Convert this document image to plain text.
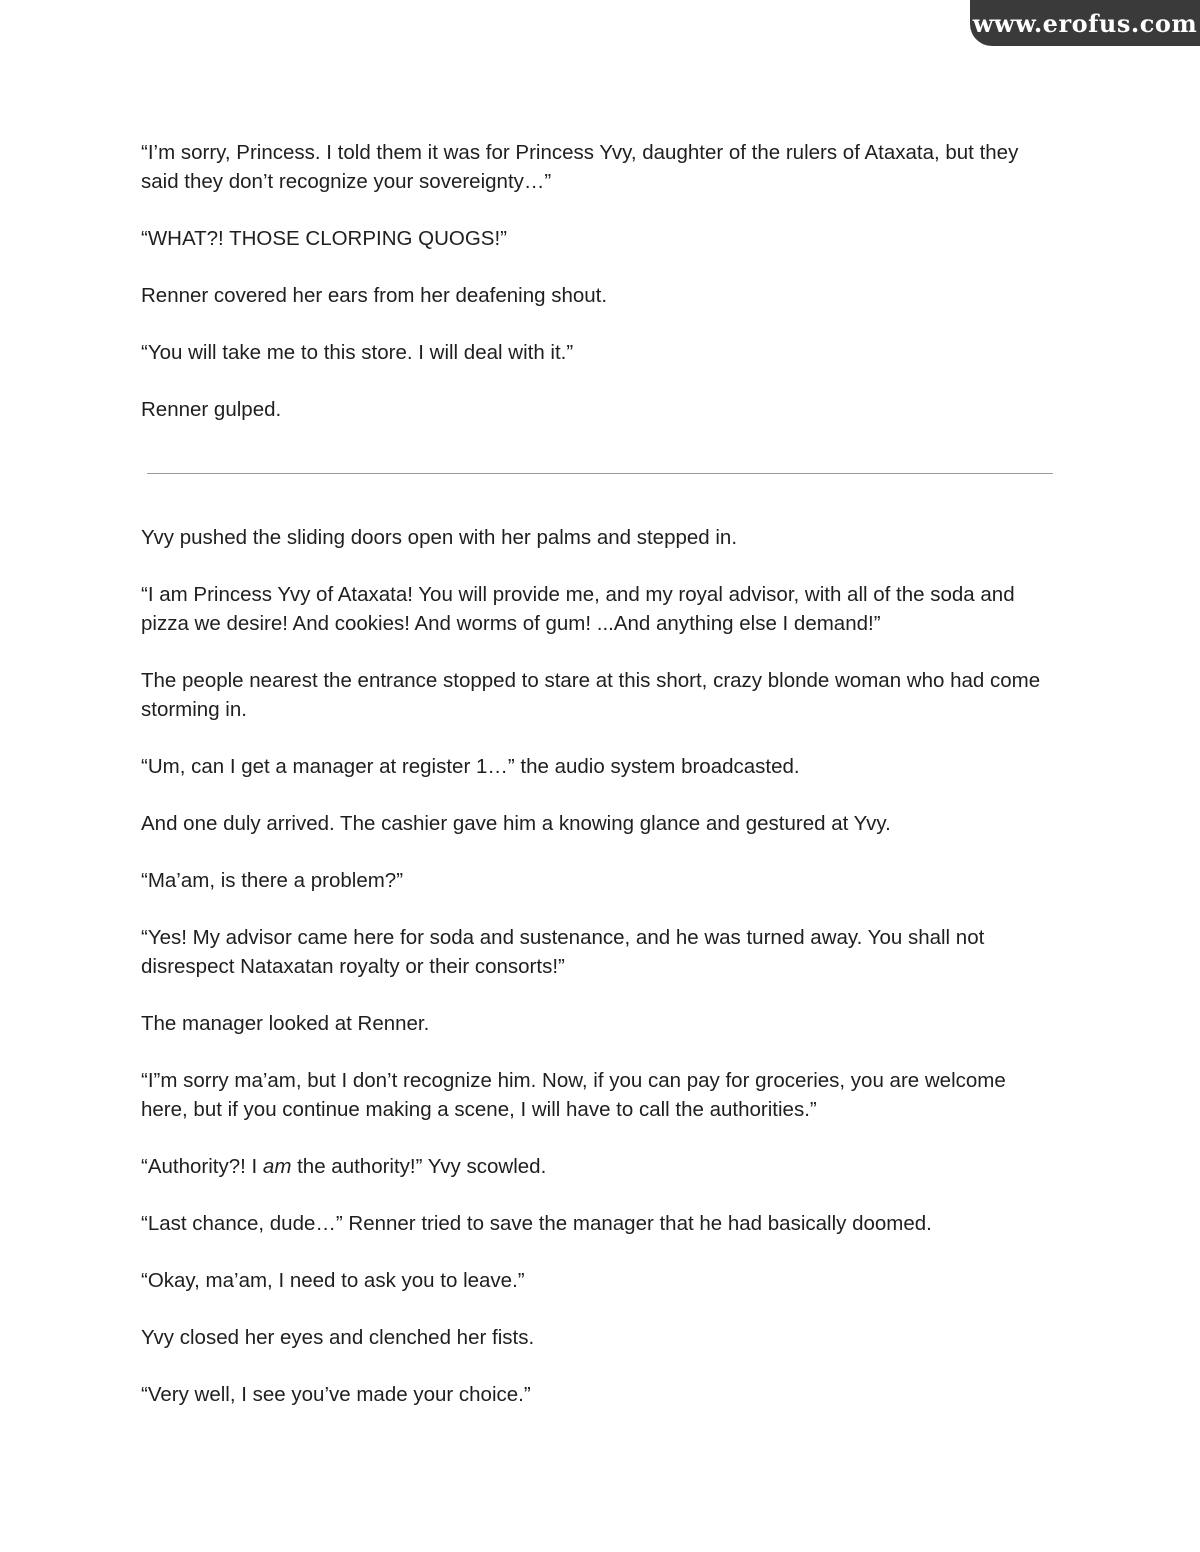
www.erofus.com

“I’m sorry, Princess. I told them it was for Princess Yvy, daughter of the rulers of Ataxata, but they said they don’t recognize your sovereignty…”

“WHAT?! THOSE CLORPING QUOGS!”

Renner covered her ears from her deafening shout.

“You will take me to this store. I will deal with it.”

Renner gulped.

Yvy pushed the sliding doors open with her palms and stepped in.

“I am Princess Yvy of Ataxata! You will provide me, and my royal advisor, with all of the soda and pizza we desire! And cookies! And worms of gum! ...And anything else I demand!”

The people nearest the entrance stopped to stare at this short, crazy blonde woman who had come storming in.

“Um, can I get a manager at register 1…” the audio system broadcasted.

And one duly arrived. The cashier gave him a knowing glance and gestured at Yvy.

“Ma’am, is there a problem?”

“Yes! My advisor came here for soda and sustenance, and he was turned away. You shall not disrespect Nataxatan royalty or their consorts!”

The manager looked at Renner.

“I”m sorry ma’am, but I don’t recognize him. Now, if you can pay for groceries, you are welcome here, but if you continue making a scene, I will have to call the authorities.”

“Authority?! I am the authority!” Yvy scowled.

“Last chance, dude…” Renner tried to save the manager that he had basically doomed.

“Okay, ma’am, I need to ask you to leave.”

Yvy closed her eyes and clenched her fists.

“Very well, I see you’ve made your choice.”
